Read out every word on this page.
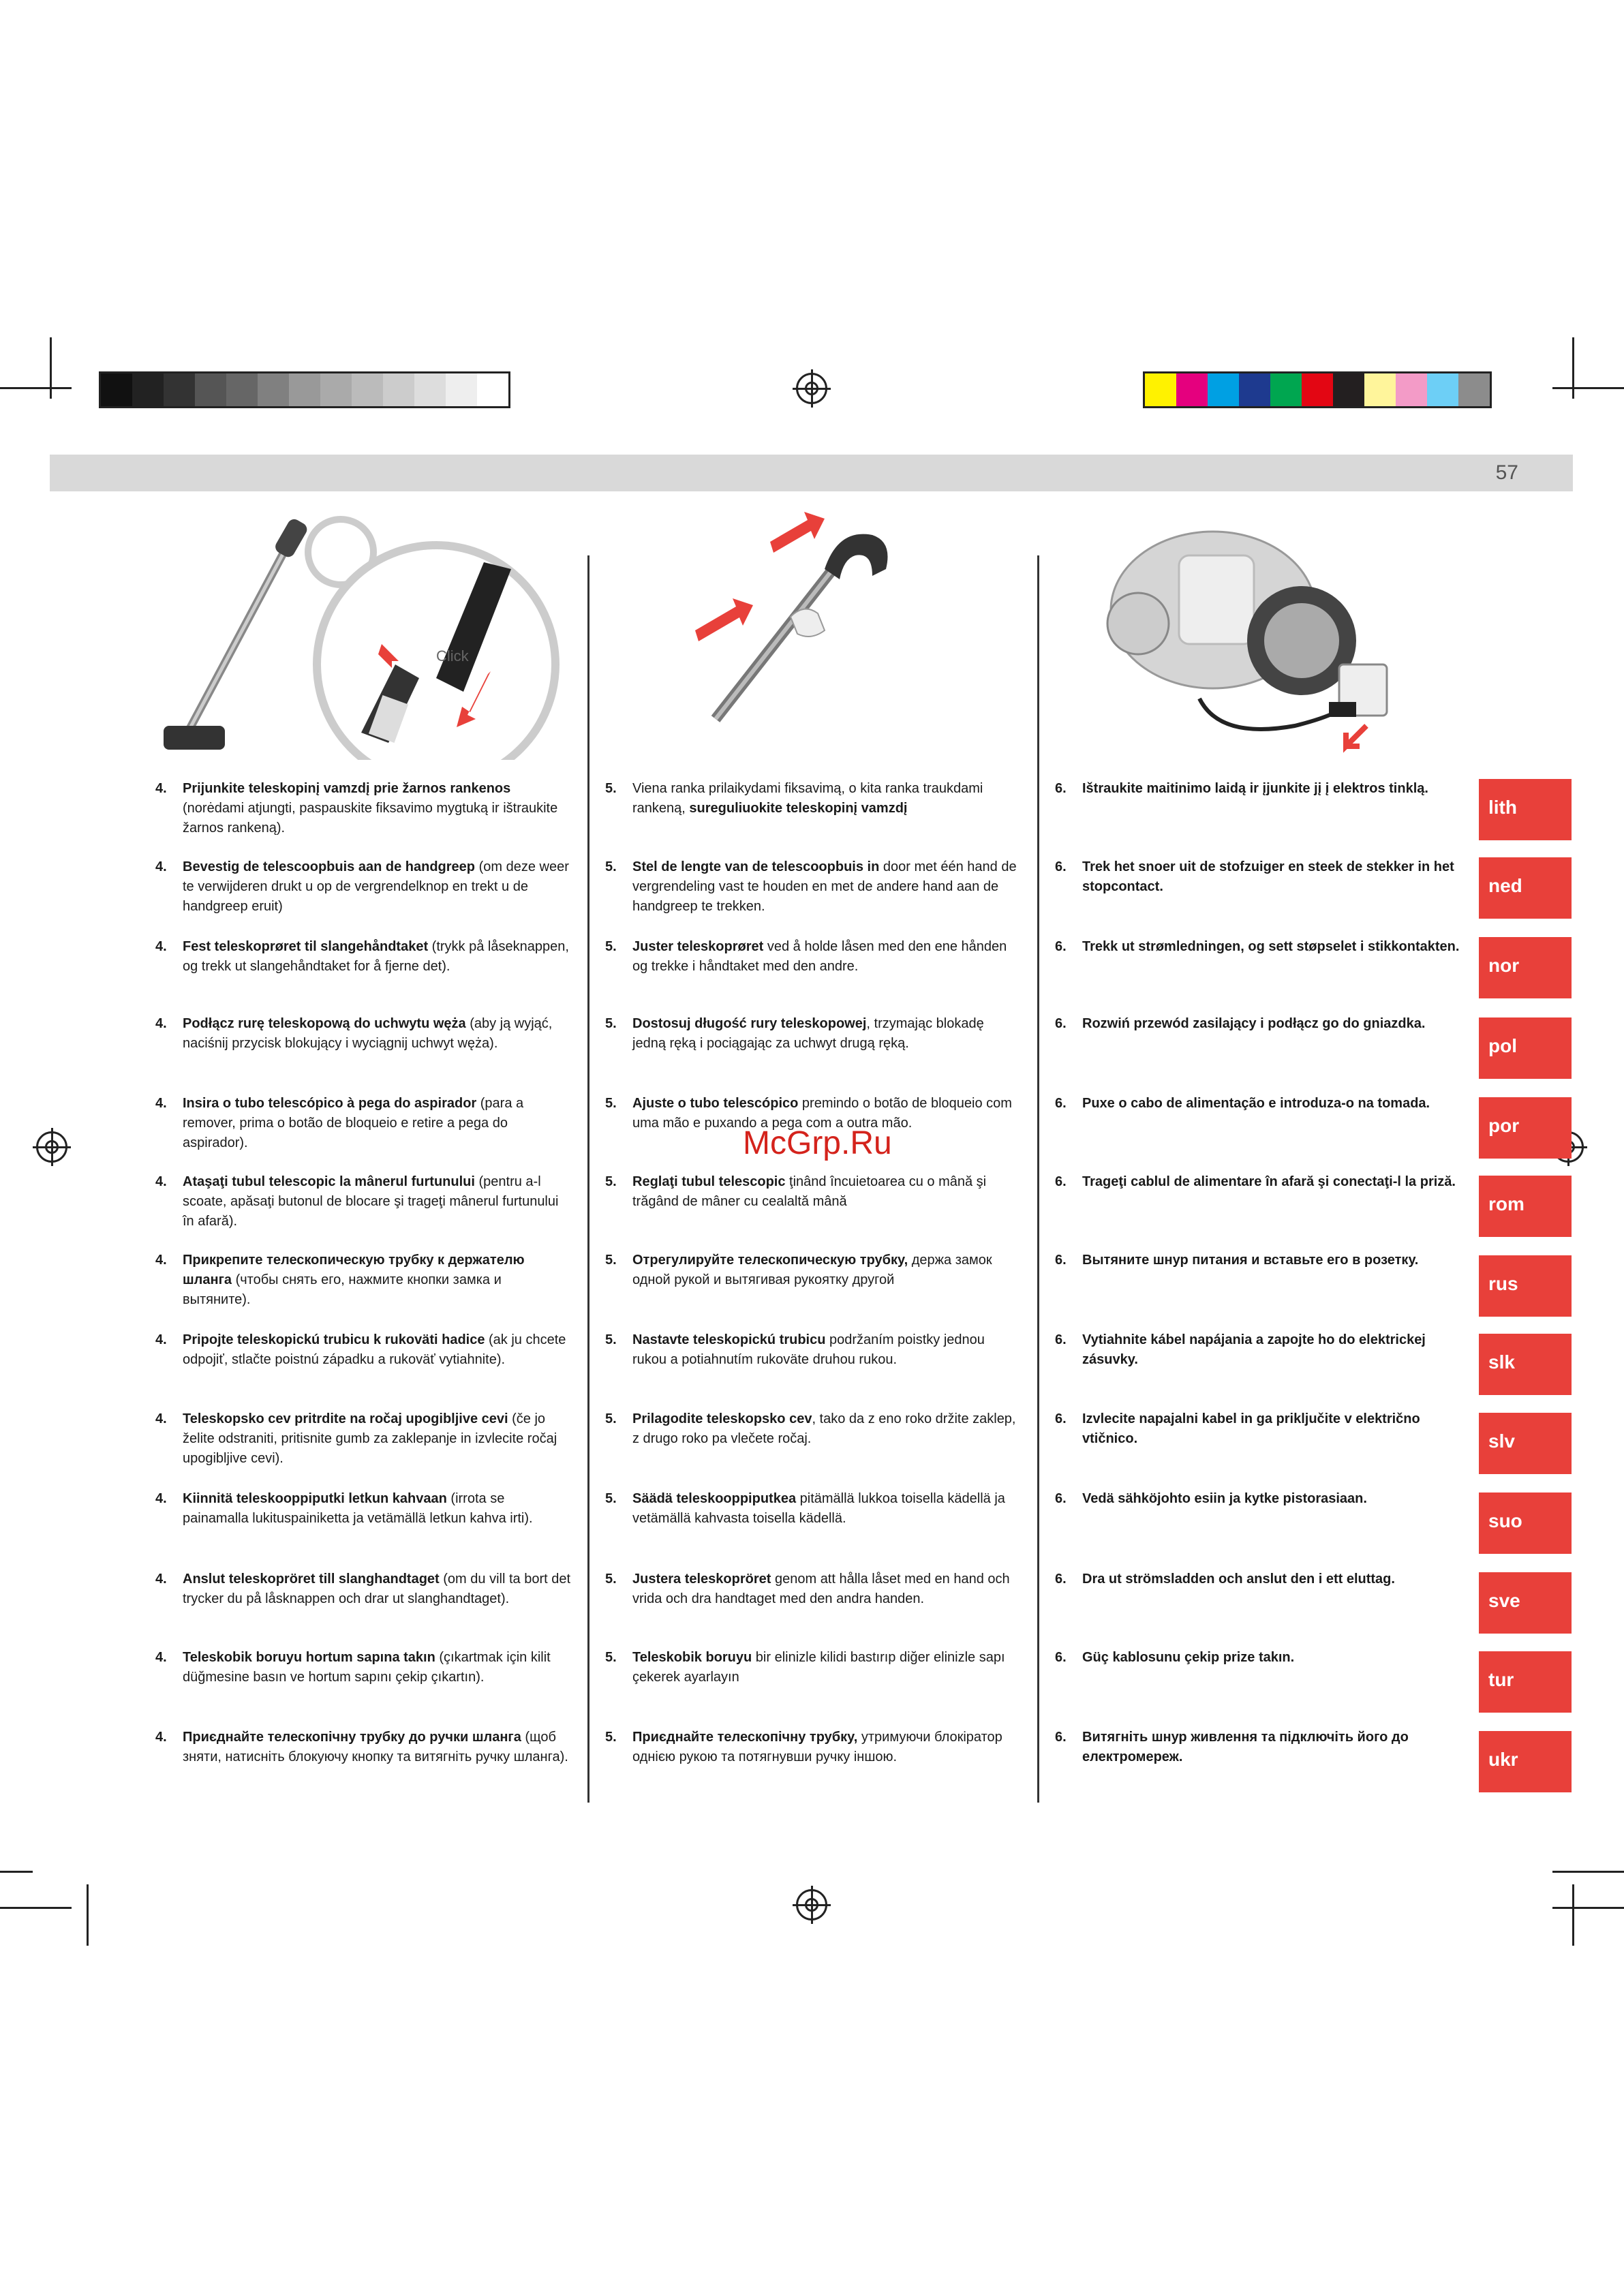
57
Click
McGrp.Ru
4. Prijunkite teleskopinį vamzdį prie žarnos rankenos (norėdami atjungti, paspauskite fiksavimo mygtuką ir ištraukite žarnos rankeną).
5. Viena ranka prilaikydami fiksavimą, o kita ranka traukdami rankeną, sureguliuokite teleskopinį vamzdį
6. Ištraukite maitinimo laidą ir įjunkite jį į elektros tinklą.
lith
4. Bevestig de telescoopbuis aan de handgreep (om deze weer te verwijderen drukt u op de vergrendelknop en trekt u de handgreep eruit)
5. Stel de lengte van de telescoopbuis in door met één hand de vergrendeling vast te houden en met de andere hand aan de handgreep te trekken.
6. Trek het snoer uit de stofzuiger en steek de stekker in het stopcontact.	ned
4. Fest teleskoprøret til slangehåndtaket (trykk på låseknappen, og trekk ut slangehåndtaket for å fjerne det).
5. Juster teleskoprøret ved å holde låsen med den ene hånden og trekke i håndtaket med den andre.
6. Trekk ut strømledningen, og sett støpselet i stikkontakten.
nor
4. Podłącz rurę teleskopową do uchwytu węża (aby ją wyjąć, naciśnij przycisk blokujący i wyciągnij uchwyt węża).
5. Dostosuj długość rury teleskopowej, trzymając blokadę jedną ręką i pociągając za uchwyt drugą ręką.
6. Rozwiń przewód zasilający i podłącz go do gniazdka.
pol
4. Insira o tubo telescópico à pega do aspirador (para a remover, prima o botão de bloqueio e retire a pega do aspirador).
5. Ajuste o tubo telescópico premindo o botão de bloqueio com uma mão e puxando a pega com a outra mão.
6. Puxe o cabo de alimentação e introduza-o na tomada.
por
4. Ataşaţi tubul telescopic la mânerul furtunului (pentru a-l scoate, apăsaţi butonul de blocare şi trageţi mânerul furtunului în afară).
5. Reglaţi tubul telescopic ţinând încuietoarea cu o mână şi trăgând de mâner cu cealaltă mână
6. Trageţi cablul de alimentare în afară şi conectaţi-l la priză.
rom
4. Прикрепите телескопическую трубку к держателю шланга (чтобы снять его, нажмите кнопки замка и вытяните).
5. Отрегулируйте телескопическую трубку, держа замок одной рукой и вытягивая рукоятку другой
6. Вытяните шнур питания и вставьте его в розетку.
rus
4. Pripojte teleskopickú trubicu k rukoväti hadice (ak ju chcete odpojiť, stlačte poistnú západku a rukoväť vytiahnite).
5. Nastavte teleskopickú trubicu podržaním poistky jednou rukou a potiahnutím rukoväte druhou rukou.
6. Vytiahnite kábel napájania a zapojte ho do elektrickej zásuvky.	slk
4. Teleskopsko cev pritrdite na ročaj upogibljive cevi (če jo želite odstraniti, pritisnite gumb za zaklepanje in izvlecite ročaj upogibljive cevi).
5. Prilagodite teleskopsko cev, tako da z eno roko držite zaklep, z drugo roko pa vlečete ročaj.
6. Izvlecite napajalni kabel in ga priključite v električno vtičnico.	slv
4. Kiinnitä teleskooppiputki letkun kahvaan (irrota se painamalla lukituspainiketta ja vetämällä letkun kahva irti).
5. Säädä teleskooppiputkea pitämällä lukkoa toisella kädellä ja vetämällä kahvasta toisella kädellä.
6. Vedä sähköjohto esiin ja kytke pistorasiaan.
suo
4. Anslut teleskopröret till slanghandtaget (om du vill ta bort det trycker du på låsknappen och drar ut slanghandtaget).
5. Justera teleskopröret genom att hålla låset med en hand och vrida och dra handtaget med den andra handen.
6. Dra ut strömsladden och anslut den i ett eluttag.
sve
4. Teleskobik boruyu hortum sapına takın (çıkartmak için kilit düğmesine basın ve hortum sapını çekip çıkartın).
5. Teleskobik boruyu bir elinizle kilidi bastırıp diğer elinizle sapı çekerek ayarlayın
6. Güç kablosunu çekip prize takın.
tur
4. Приєднайте телескопічну трубку до ручки шланга (щоб зняти, натисніть блокуючу кнопку та витягніть ручку шланга).
5. Приєднайте телескопічну трубку, утримуючи блокіратор однією рукою та потягнувши ручку іншою.
6. Витягніть шнур живлення та підключіть його до електромереж.	ukr
